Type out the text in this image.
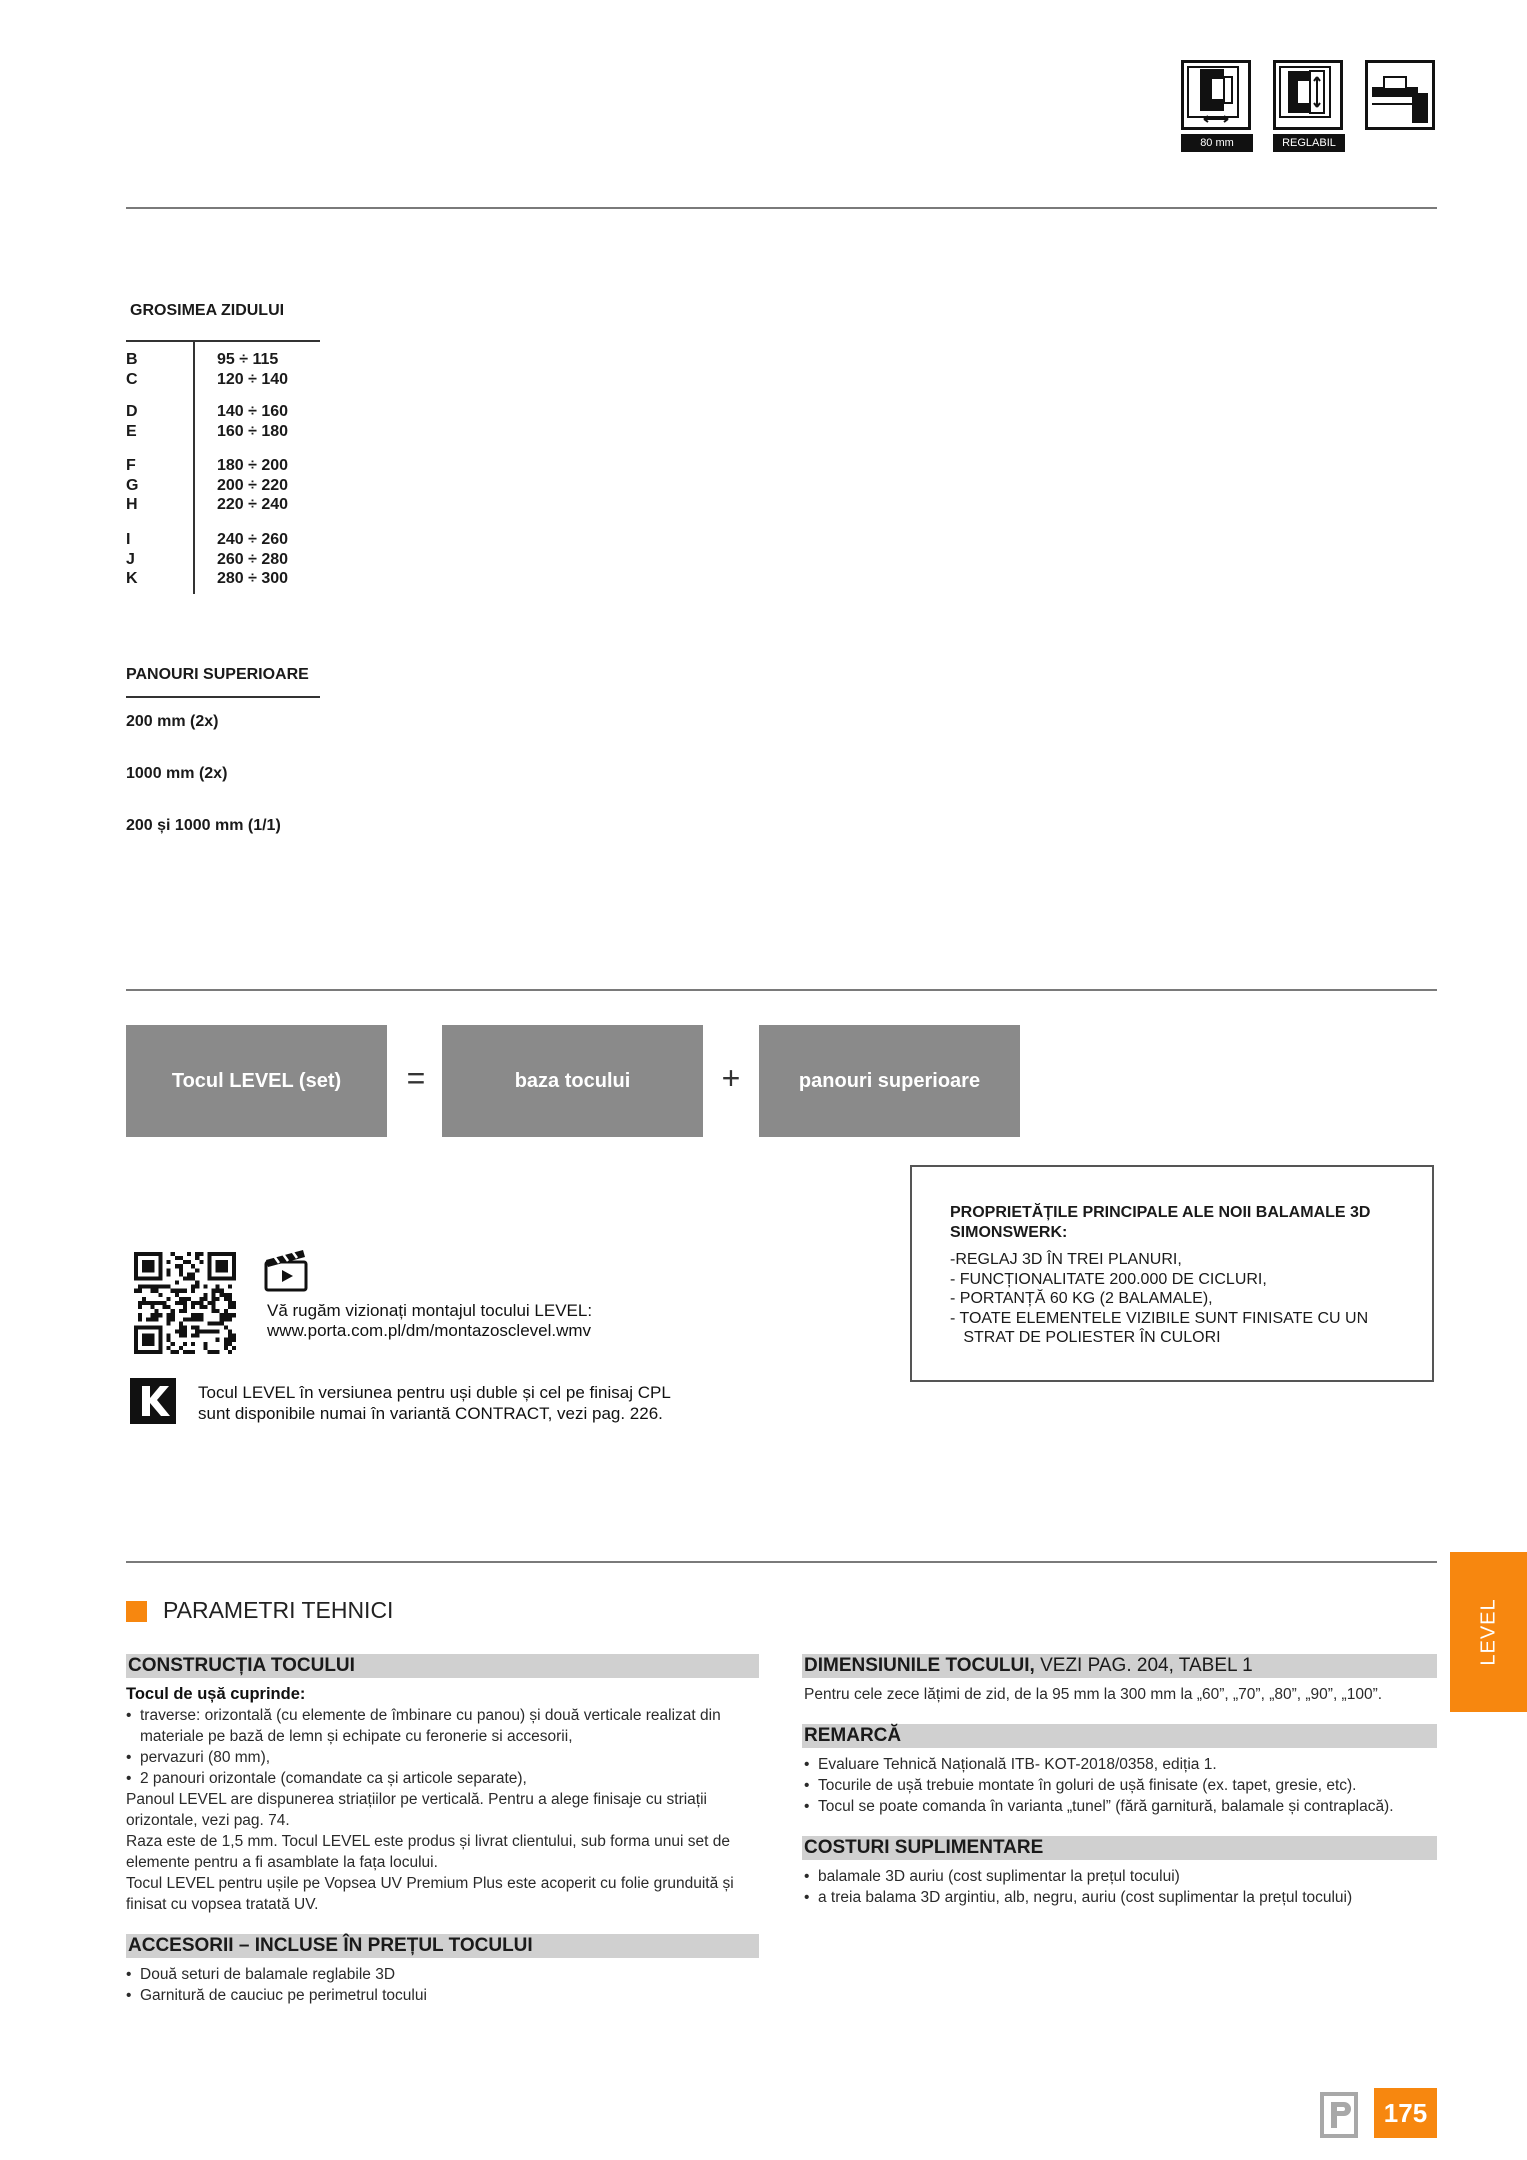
80 mm	REGLABIL
GROSIMEA ZIDULUI
B	95 ÷ 115
C	120 ÷ 140
D	140 ÷ 160
E	160 ÷ 180
F	180 ÷ 200
G	200 ÷ 220
H	220 ÷ 240
I	240 ÷ 260
J	260 ÷ 280
K	280 ÷ 300
PANOURI SUPERIOARE
200 mm (2x)
1000 mm (2x)
200 și 1000 mm (1/1)
Tocul LEVEL (set)	=	baza tocului	+	panouri superioare
Vă rugăm vizionați montajul tocului LEVEL:
www.porta.com.pl/dm/montazosclevel.wmv
Tocul LEVEL în versiunea pentru uși duble și cel pe finisaj CPL
sunt disponibile numai în variantă CONTRACT, vezi pag. 226.
PROPRIETĂȚILE PRINCIPALE ALE NOII BALAMALE 3D
SIMONSWERK:
-REGLAJ 3D ÎN TREI PLANURI,
- FUNCȚIONALITATE 200.000 DE CICLURI,
- PORTANȚĂ 60 KG (2 BALAMALE),
- TOATE ELEMENTELE VIZIBILE SUNT FINISATE CU UN
STRAT DE POLIESTER ÎN CULORI
LEVEL
PARAMETRI TEHNICI
CONSTRUCȚIA TOCULUI
Tocul de ușă cuprinde:
• traverse: orizontală (cu elemente de îmbinare cu panou) și două verticale realizat din materiale pe bază de lemn și echipate cu feronerie si accesorii,
• pervazuri (80 mm),
• 2 panouri orizontale (comandate ca și articole separate),
Panoul LEVEL are dispunerea striațiilor pe verticală. Pentru a alege finisaje cu striații orizontale, vezi pag. 74.
Raza este de 1,5 mm. Tocul LEVEL este produs și livrat clientului, sub forma unui set de elemente pentru a fi asamblate la fața locului.
Tocul LEVEL pentru ușile pe Vopsea UV Premium Plus este acoperit cu folie grunduită și finisat cu vopsea tratată UV.
ACCESORII – INCLUSE ÎN PREȚUL TOCULUI
• Două seturi de balamale reglabile 3D
• Garnitură de cauciuc pe perimetrul tocului
DIMENSIUNILE TOCULUI, VEZI PAG. 204, TABEL 1
Pentru cele zece lățimi de zid, de la 95 mm la 300 mm la „60”, „70”, „80”, „90”, „100”.
REMARCĂ
• Evaluare Tehnică Națională ITB- KOT-2018/0358, ediția 1.
• Tocurile de ușă trebuie montate în goluri de ușă finisate (ex. tapet, gresie, etc).
• Tocul se poate comanda în varianta „tunel” (fără garnitură, balamale și contraplacă).
COSTURI SUPLIMENTARE
• balamale 3D auriu (cost suplimentar la prețul tocului)
• a treia balama 3D argintiu, alb, negru, auriu (cost suplimentar la prețul tocului)
175
